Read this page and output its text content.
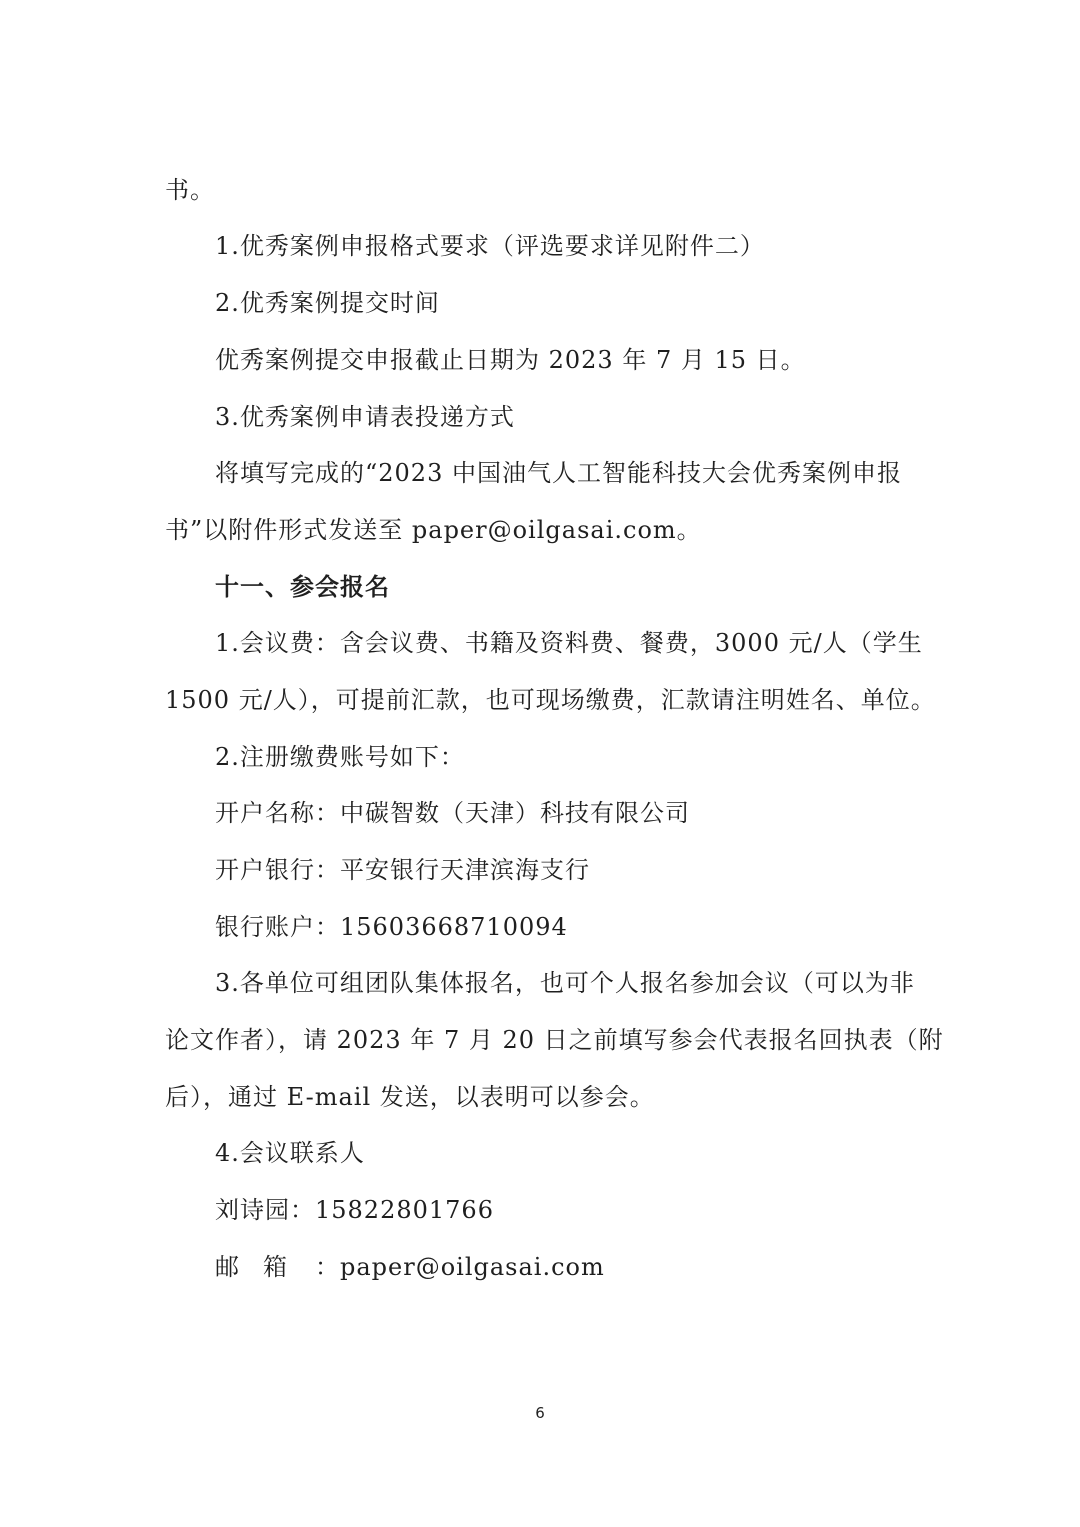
书。
1.优秀案例申报格式要求（评选要求详见附件二）
2.优秀案例提交时间
优秀案例提交申报截止日期为 2023 年 7 月 15 日。
3.优秀案例申请表投递方式
将填写完成的“2023 中国油气人工智能科技大会优秀案例申报
书”以附件形式发送至 paper@oilgasai.com。
十一、参会报名
1.会议费：含会议费、书籍及资料费、餐费，3000 元/人（学生
1500 元/人），可提前汇款，也可现场缴费，汇款请注明姓名、单位。
2.注册缴费账号如下：
开户名称：中碳智数（天津）科技有限公司
开户银行：平安银行天津滨海支行
银行账户：15603668710094
3.各单位可组团队集体报名，也可个人报名参加会议（可以为非
论文作者），请 2023 年 7 月 20 日之前填写参会代表报名回执表（附
后），通过 E-mail 发送，以表明可以参会。
4.会议联系人
刘诗园：15822801766
邮箱 ：paper@oilgasai.com
6
